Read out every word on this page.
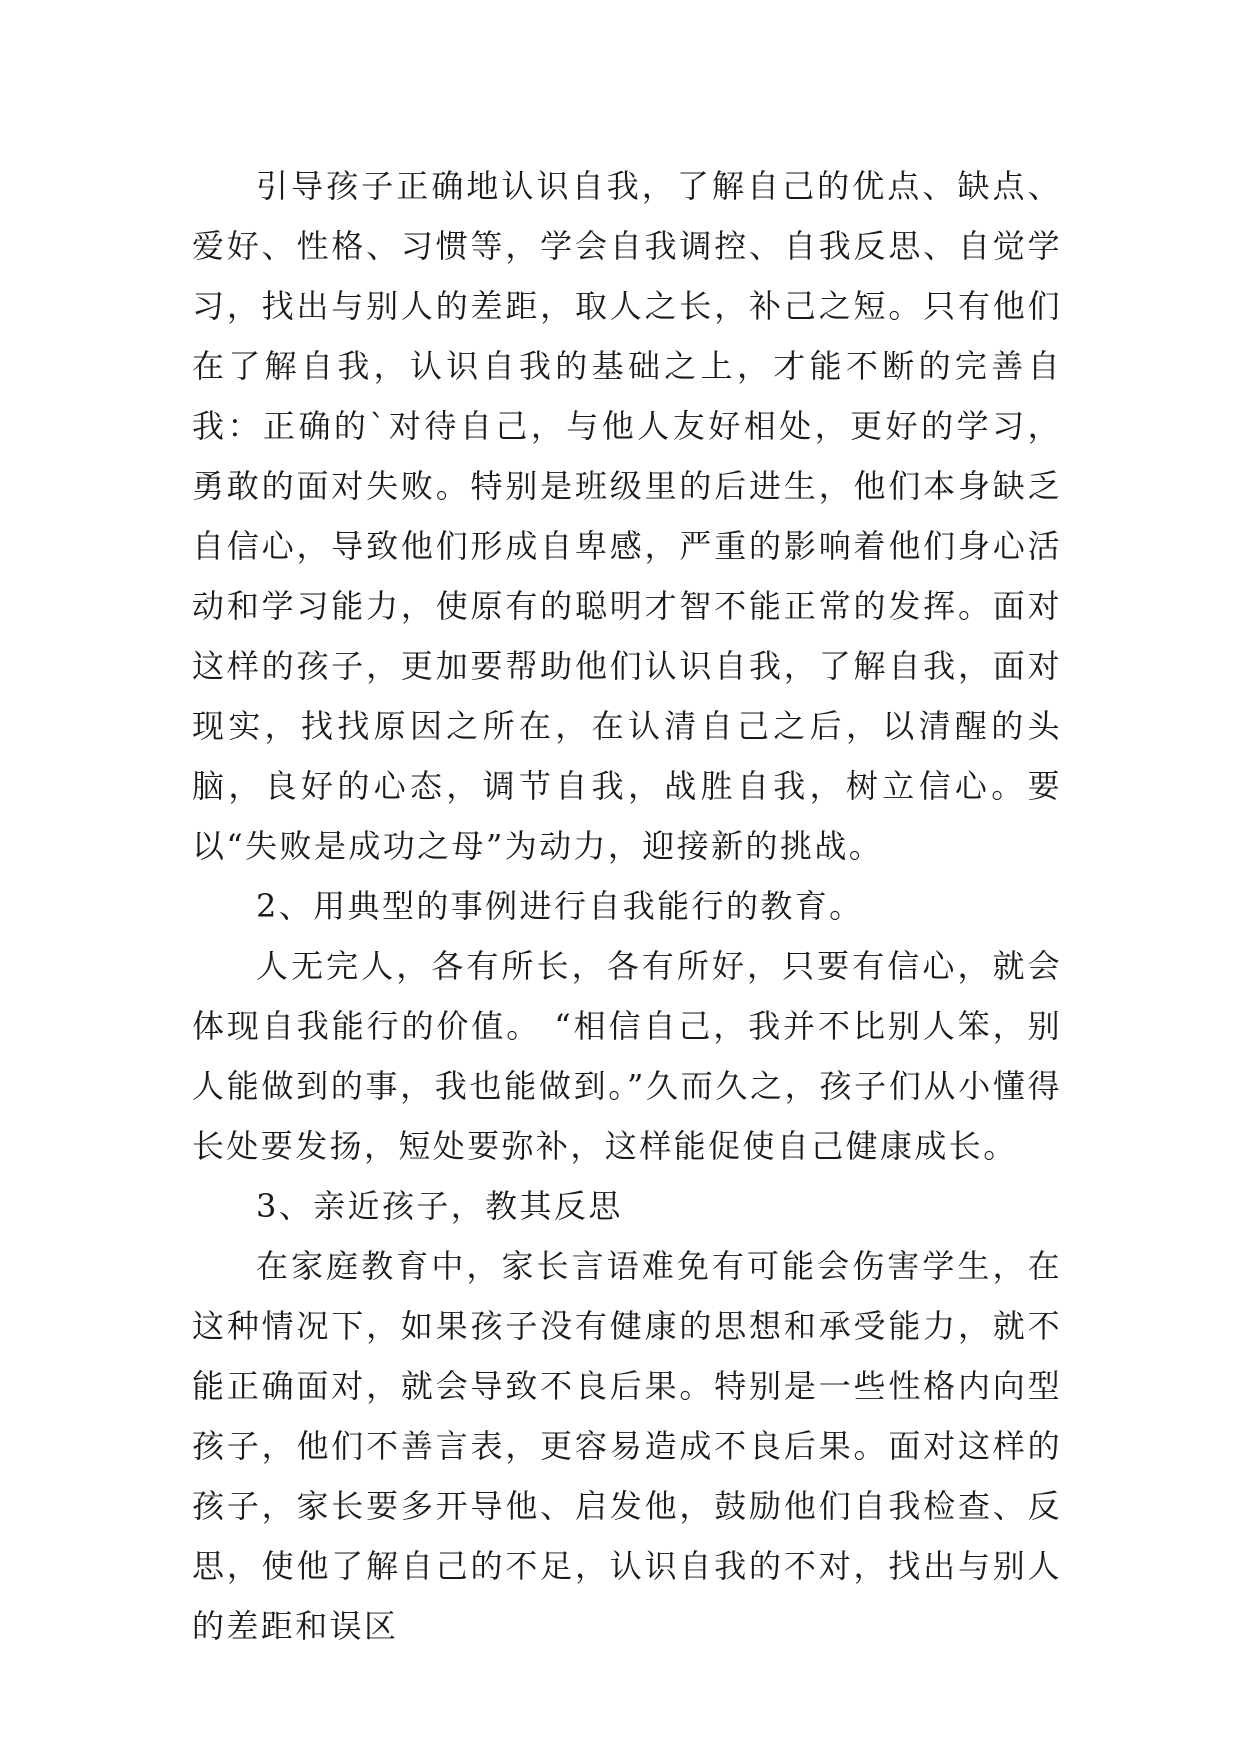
引导孩子正确地认识自我，了解自己的优点、缺点、爱好、性格、习惯等，学会自我调控、自我反思、自觉学习，找出与别人的差距，取人之长，补己之短。只有他们在了解自我，认识自我的基础之上，才能不断的完善自我：正确的`对待自己，与他人友好相处，更好的学习，勇敢的面对失败。特别是班级里的后进生，他们本身缺乏自信心，导致他们形成自卑感，严重的影响着他们身心活动和学习能力，使原有的聪明才智不能正常的发挥。面对这样的孩子，更加要帮助他们认识自我，了解自我，面对现实，找找原因之所在，在认清自己之后，以清醒的头脑，良好的心态，调节自我，战胜自我，树立信心。要以“失败是成功之母”为动力，迎接新的挑战。

2、用典型的事例进行自我能行的教育。

人无完人，各有所长，各有所好，只要有信心，就会体现自我能行的价值。 “相信自己，我并不比别人笨，别人能做到的事，我也能做到。”久而久之，孩子们从小懂得长处要发扬，短处要弥补，这样能促使自己健康成长。

3、亲近孩子，教其反思

在家庭教育中，家长言语难免有可能会伤害学生，在这种情况下，如果孩子没有健康的思想和承受能力，就不能正确面对，就会导致不良后果。特别是一些性格内向型孩子，他们不善言表，更容易造成不良后果。面对这样的孩子，家长要多开导他、启发他，鼓励他们自我检查、反思，使他了解自己的不足，认识自我的不对，找出与别人的差距和误区
